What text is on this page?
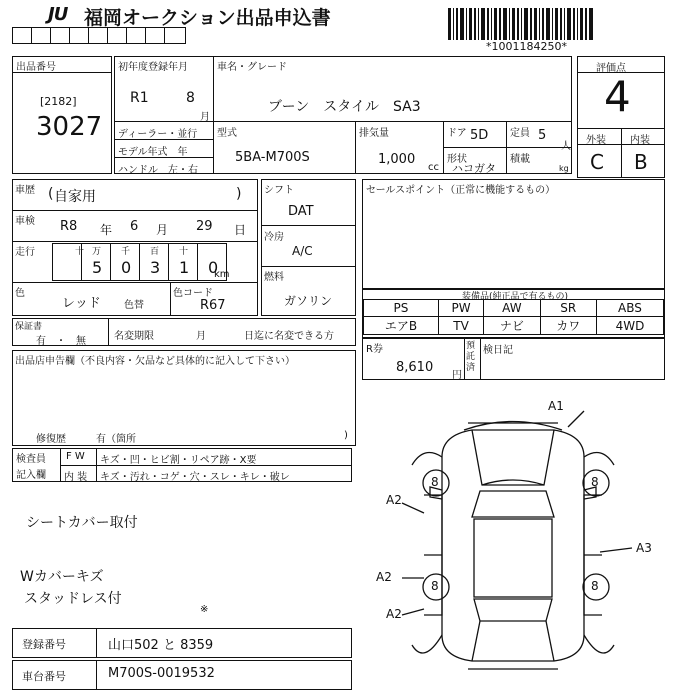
JU 福岡オークション出品申込書
*1001184250*
出品番号
[2182]
3027
初年度登録年月
R1	8
月
車名・グレード
ブーン　スタイル　SA3
ディーラー・並行
モデル年式　年
ハンドル　左・右
型式
5BA-M700S
排気量
1,000
cc
ドア 5D 定員 5
人
形状
ハコガタ
積載
kg
評価点
4
外装 内装
C B
車歴 ( 自家用	)
車検 R8 年 6 月 29 日
走行	十 万
5
千
0
百
3
十
1 0
km
色
レッド 色替
色コード
R67
シフト
DAT
冷房
A/C
燃料
ガソリン
セールスポイント（正常に機能するもの）
装備品(純正品で有るもの)
PS	PW	AW	SR	ABS
エアB	TV	ナビ	カワ	4WD
保証書
有　・　無	名変期限	月	日迄に名変できる方
R券
8,610
円
預託済
検日記
出品店申告欄（不良内容・欠品など具体的に記入して下さい）
修復歴	有（箇所	)
検査員
記入欄
F W キズ・凹・ヒビ割・リペア跡・X要
内 装 キズ・汚れ・コゲ・穴・スレ・キレ・破レ
シートカバー取付
Wカバーキズ
スタッドレス付
※
登録番号	山口502 と 8359
車台番号	M700S-0019532
A1
A2
A3
A2
A2
8	8
8	8
